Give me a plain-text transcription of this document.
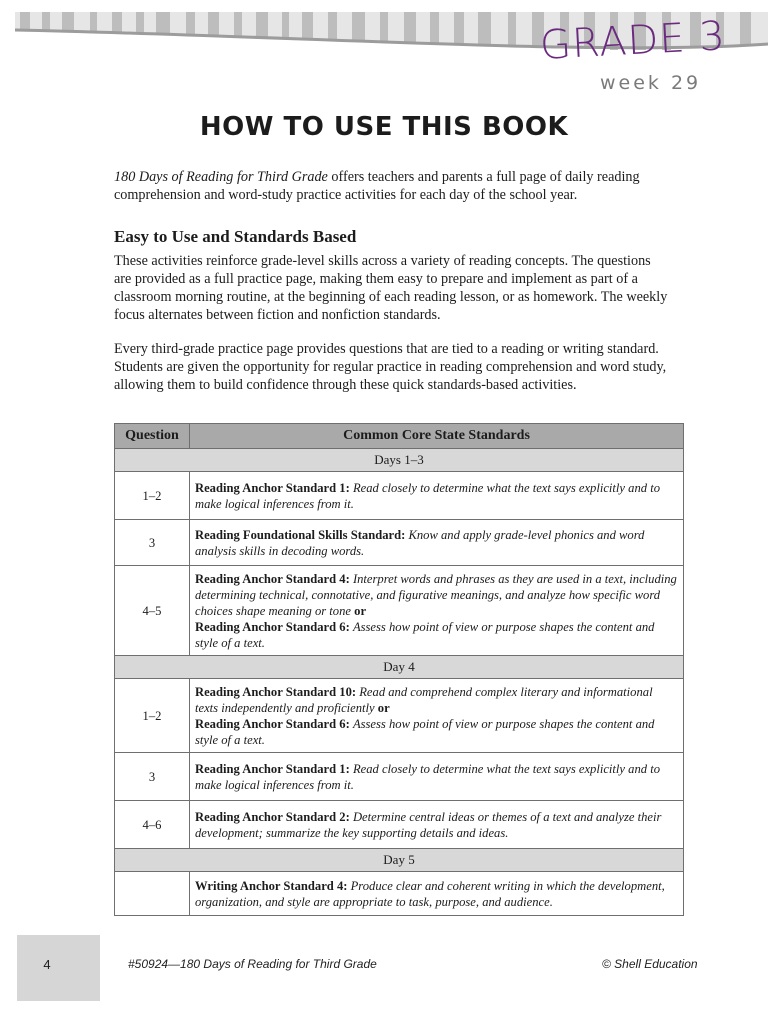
GRADE 3
week 29
HOW TO USE THIS BOOK

180 Days of Reading for Third Grade offers teachers and parents a full page of daily reading comprehension and word-study practice activities for each day of the school year.

Easy to Use and Standards Based

These activities reinforce grade-level skills across a variety of reading concepts. The questions are provided as a full practice page, making them easy to prepare and implement as part of a classroom morning routine, at the beginning of each reading lesson, or as homework. The weekly focus alternates between fiction and nonfiction standards.

Every third-grade practice page provides questions that are tied to a reading or writing standard. Students are given the opportunity for regular practice in reading comprehension and word study, allowing them to build confidence through these quick standards-based activities.

Question	Common Core State Standards
Days 1–3	
1–2	Reading Anchor Standard 1: Read closely to determine what the text says explicitly and to make logical inferences from it.
3	Reading Foundational Skills Standard: Know and apply grade-level phonics and word analysis skills in decoding words.
4–5	Reading Anchor Standard 4: Interpret words and phrases as they are used in a text, including determining technical, connotative, and figurative meanings, and analyze how specific word choices shape meaning or tone or
Reading Anchor Standard 6: Assess how point of view or purpose shapes the content and style of a text.
Day 4	
1–2	Reading Anchor Standard 10: Read and comprehend complex literary and informational texts independently and proficiently or
Reading Anchor Standard 6: Assess how point of view or purpose shapes the content and style of a text.
3	Reading Anchor Standard 1: Read closely to determine what the text says explicitly and to make logical inferences from it.
4–6	Reading Anchor Standard 2: Determine central ideas or themes of a text and analyze their development; summarize the key supporting details and ideas.
Day 5	
	Writing Anchor Standard 4: Produce clear and coherent writing in which the development, organization, and style are appropriate to task, purpose, and audience.
4	#50924—180 Days of Reading for Third Grade	© Shell Education
